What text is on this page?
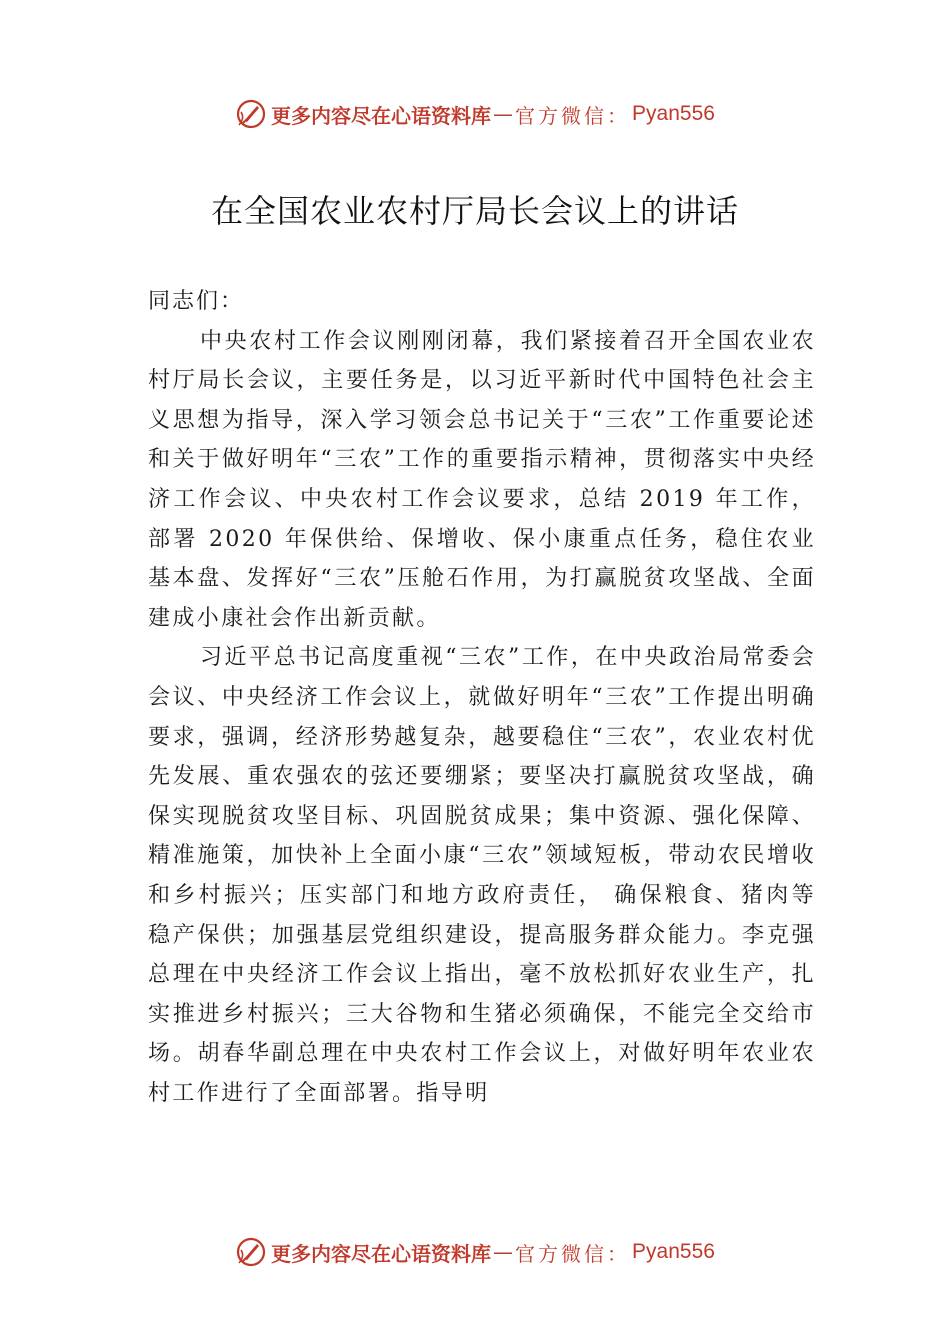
更多内容尽在心语资料库 — 官方微信： Pyan556
在全国农业农村厅局长会议上的讲话

同志们：

中央农村工作会议刚刚闭幕，我们紧接着召开全国农业农村厅局长会议，主要任务是，以习近平新时代中国特色社会主义思想为指导，深入学习领会总书记关于“三农”工作重要论述和关于做好明年“三农”工作的重要指示精神，贯彻落实中央经济工作会议、中央农村工作会议要求，总结 2019 年工作，部署 2020 年保供给、保增收、保小康重点任务，稳住农业基本盘、发挥好“三农”压舱石作用，为打赢脱贫攻坚战、全面建成小康社会作出新贡献。

习近平总书记高度重视“三农”工作，在中央政治局常委会会议、中央经济工作会议上，就做好明年“三农”工作提出明确要求，强调，经济形势越复杂，越要稳住“三农”，农业农村优先发展、重农强农的弦还要绷紧；要坚决打赢脱贫攻坚战，确保实现脱贫攻坚目标、巩固脱贫成果；集中资源、强化保障、精准施策，加快补上全面小康“三农”领域短板，带动农民增收和乡村振兴；压实部门和地方政府责任， 确保粮食、猪肉等稳产保供；加强基层党组织建设，提高服务群众能力。李克强总理在中央经济工作会议上指出，毫不放松抓好农业生产，扎实推进乡村振兴；三大谷物和生猪必须确保，不能完全交给市场。胡春华副总理在中央农村工作会议上，对做好明年农业农村工作进行了全面部署。指导明

更多内容尽在心语资料库 — 官方微信： Pyan556
